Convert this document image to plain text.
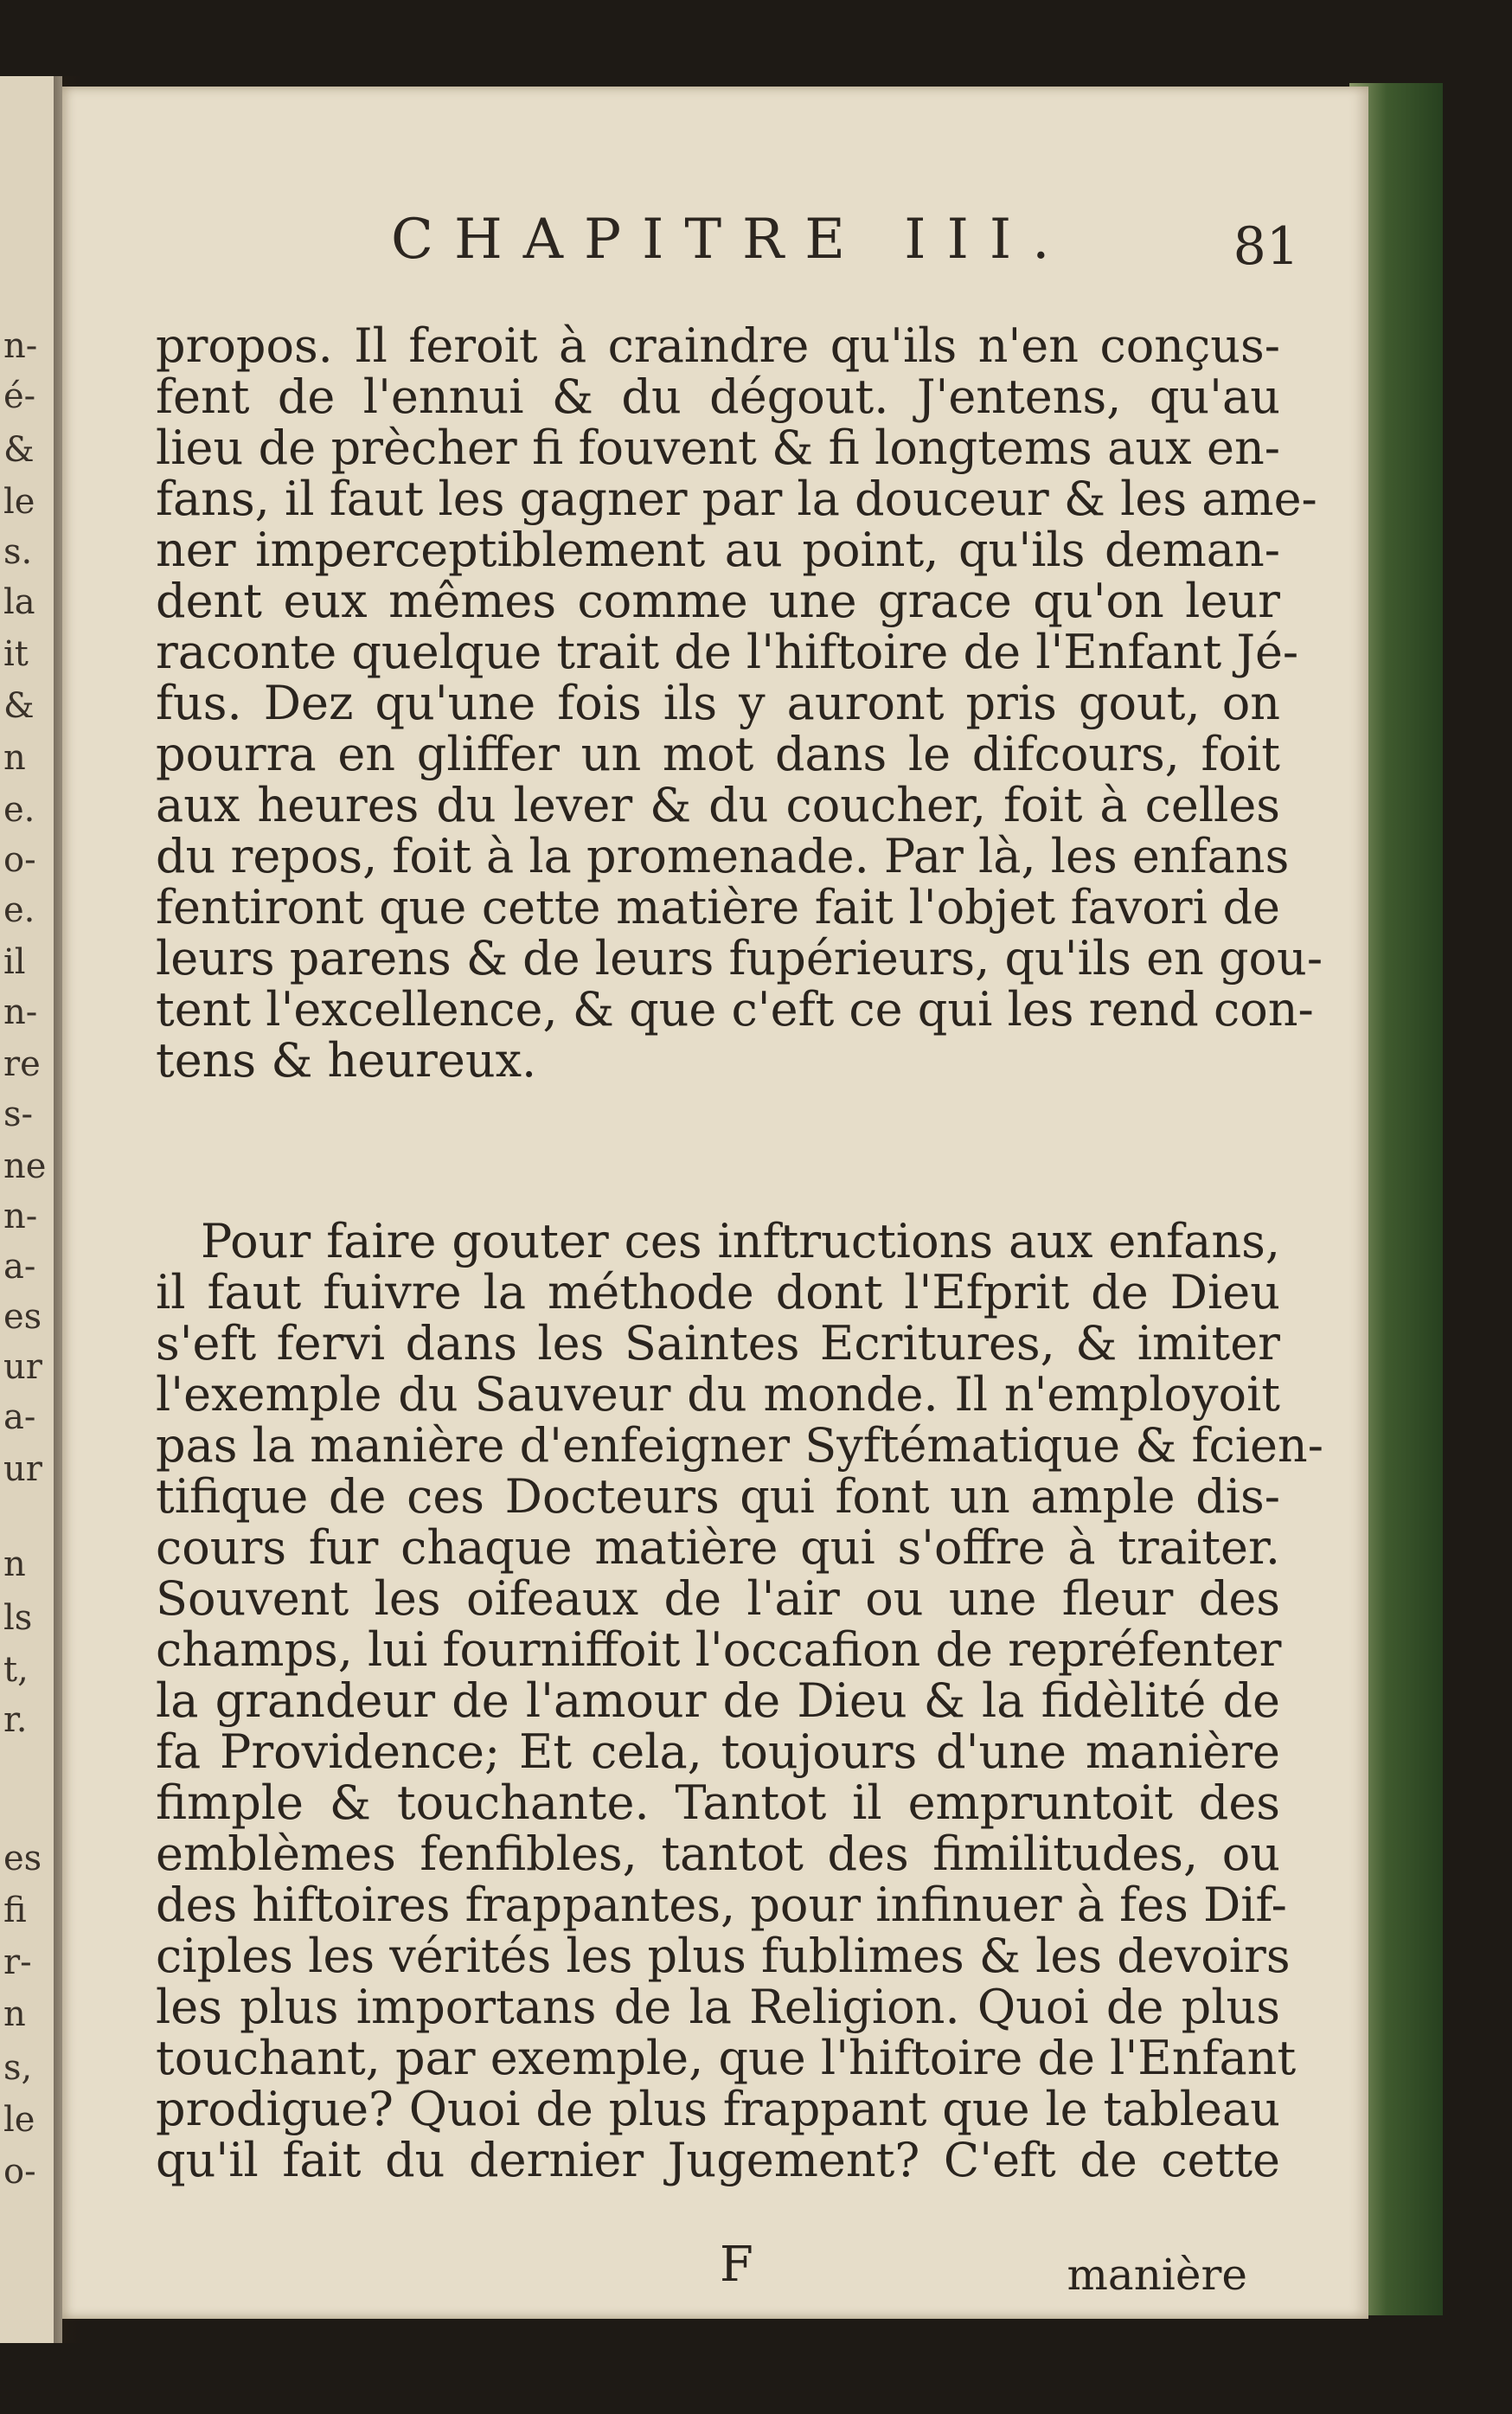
n-
é-
&
le
s.
la
it
&
n
e.
o-
e.
il
n-
re
s-
ne
n-
a-
es
ur
a-
ur
n
ls
t,
r.
es
fi
r-
n
s,
le
o-
CHAPITRE III.	81
propos. Il feroit à craindre qu'ils n'en conçus-
fent de l'ennui & du dégout. J'entens, qu'au
lieu de prècher fi fouvent & fi longtems aux en-
fans, il faut les gagner par la douceur & les ame-
ner imperceptiblement au point, qu'ils deman-
dent eux mêmes comme une grace qu'on leur
raconte quelque trait de l'hiftoire de l'Enfant Jé-
fus. Dez qu'une fois ils y auront pris gout, on
pourra en gliffer un mot dans le difcours, foit
aux heures du lever & du coucher, foit à celles
du repos, foit à la promenade. Par là, les enfans
fentiront que cette matière fait l'objet favori de
leurs parens & de leurs fupérieurs, qu'ils en gou-
tent l'excellence, & que c'eft ce qui les rend con-
tens & heureux.
Pour faire gouter ces inftructions aux enfans,
il faut fuivre la méthode dont l'Efprit de Dieu
s'eft fervi dans les Saintes Ecritures, & imiter
l'exemple du Sauveur du monde. Il n'employoit
pas la manière d'enfeigner Syftématique & fcien-
tifique de ces Docteurs qui font un ample dis-
cours fur chaque matière qui s'offre à traiter.
Souvent les oifeaux de l'air ou une fleur des
champs, lui fourniffoit l'occafion de repréfenter
la grandeur de l'amour de Dieu & la fidèlité de
fa Providence; Et cela, toujours d'une manière
fimple & touchante. Tantot il empruntoit des
emblèmes fenfibles, tantot des fimilitudes, ou
des hiftoires frappantes, pour infinuer à fes Dif-
ciples les vérités les plus fublimes & les devoirs
les plus importans de la Religion. Quoi de plus
touchant, par exemple, que l'hiftoire de l'Enfant
prodigue? Quoi de plus frappant que le tableau
qu'il fait du dernier Jugement? C'eft de cette
F	manière
